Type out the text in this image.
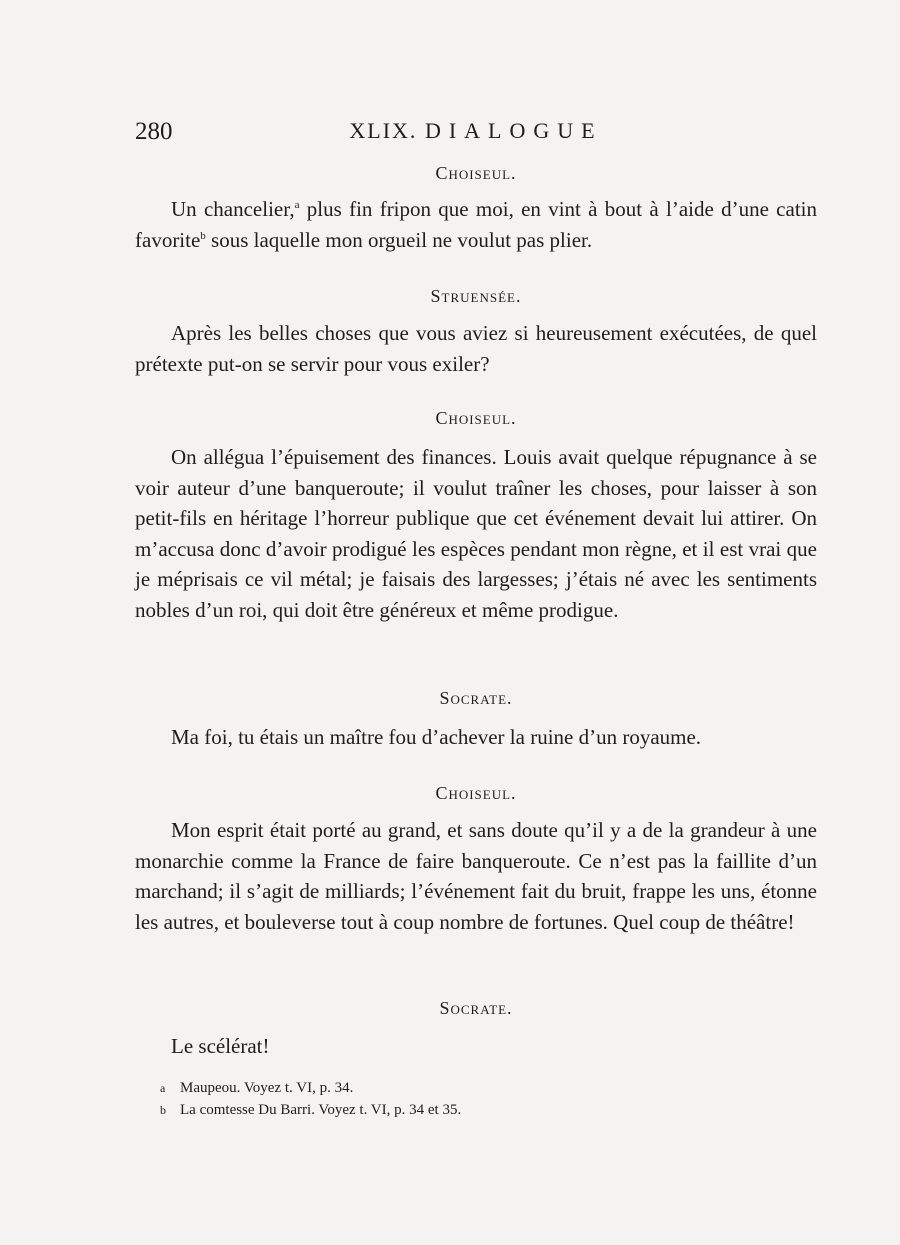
280	XLIX. DIALOGUE
Choiseul.
Un chancelier,$^a$ plus fin fripon que moi, en vint à bout à l’aide d’une catin favorite$^b$ sous laquelle mon orgueil ne voulut pas plier.
Struensée.
Après les belles choses que vous aviez si heureusement exécutées, de quel prétexte put-on se servir pour vous exiler?
Choiseul.
On allégua l’épuisement des finances. Louis avait quelque répugnance à se voir auteur d’une banqueroute; il voulut traîner les choses, pour laisser à son petit-fils en héritage l’horreur publique que cet événement devait lui attirer. On m’accusa donc d’avoir prodigué les espèces pendant mon règne, et il est vrai que je méprisais ce vil métal; je faisais des largesses; j’étais né avec les sentiments nobles d’un roi, qui doit être généreux et même prodigue.
Socrate.
Ma foi, tu étais un maître fou d’achever la ruine d’un royaume.
Choiseul.
Mon esprit était porté au grand, et sans doute qu’il y a de la grandeur à une monarchie comme la France de faire banqueroute. Ce n’est pas la faillite d’un marchand; il s’agit de milliards; l’événement fait du bruit, frappe les uns, étonne les autres, et bouleverse tout à coup nombre de fortunes. Quel coup de théâtre!
Socrate.
Le scélérat!
a Maupeou. Voyez t. VI, p. 34.
b La comtesse Du Barri. Voyez t. VI, p. 34 et 35.
